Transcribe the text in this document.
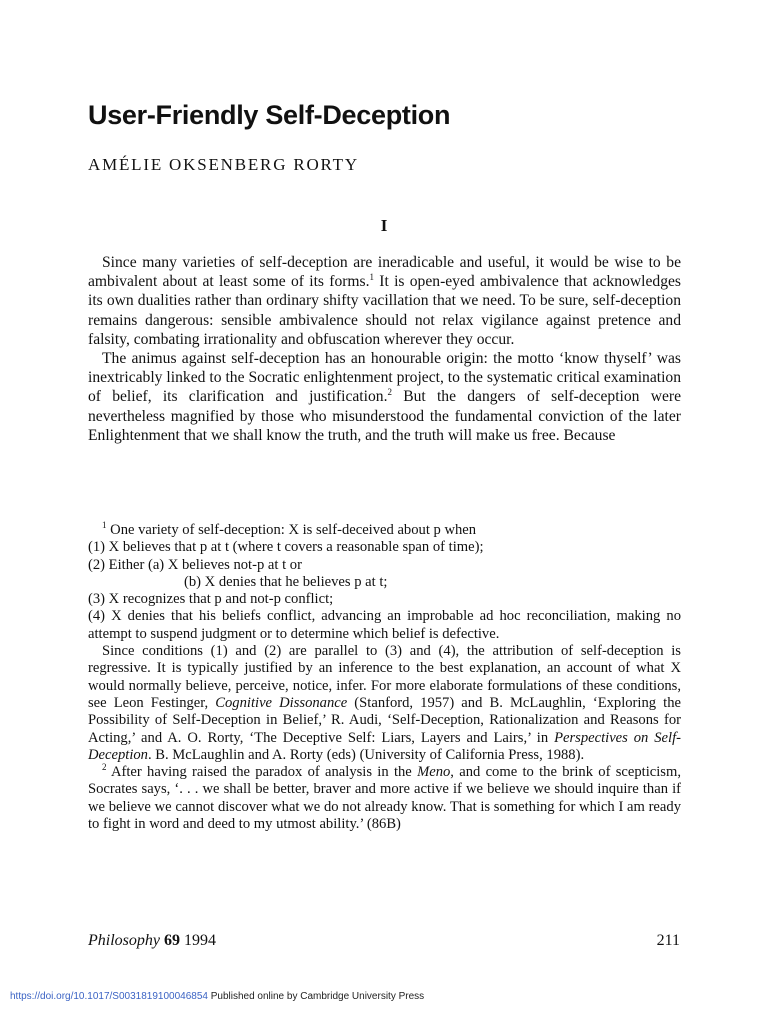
User-Friendly Self-Deception
AMÉLIE OKSENBERG RORTY
I

Since many varieties of self-deception are ineradicable and useful, it would be wise to be ambivalent about at least some of its forms.$^1$ It is open-eyed ambivalence that acknowledges its own dualities rather than ordinary shifty vacillation that we need. To be sure, self-deception remains dangerous: sensible ambivalence should not relax vigilance against pretence and falsity, combating irrationality and obfuscation wherever they occur.

The animus against self-deception has an honourable origin: the motto ‘know thyself’ was inextricably linked to the Socratic enlightenment project, to the systematic critical examination of belief, its clarification and justification.$^2$ But the dangers of self-deception were nevertheless magnified by those who misunderstood the fundamental conviction of the later Enlightenment that we shall know the truth, and the truth will make us free. Because

$^1$ One variety of self-deception: X is self-deceived about p when

(1) X believes that p at t (where t covers a reasonable span of time);

(2) Either (a) X believes not-p at t or

(b) X denies that he believes p at t;

(3) X recognizes that p and not-p conflict;

(4) X denies that his beliefs conflict, advancing an improbable ad hoc reconciliation, making no attempt to suspend judgment or to determine which belief is defective.

Since conditions (1) and (2) are parallel to (3) and (4), the attribution of self-deception is regressive. It is typically justified by an inference to the best explanation, an account of what X would normally believe, perceive, notice, infer. For more elaborate formulations of these conditions, see Leon Festinger, Cognitive Dissonance (Stanford, 1957) and B. McLaughlin, ‘Exploring the Possibility of Self-Deception in Belief,’ R. Audi, ‘Self-Deception, Rationalization and Reasons for Acting,’ and A. O. Rorty, ‘The Deceptive Self: Liars, Layers and Lairs,’ in Perspectives on Self-Deception. B. McLaughlin and A. Rorty (eds) (University of California Press, 1988).

$^2$ After having raised the paradox of analysis in the Meno, and come to the brink of scepticism, Socrates says, ‘. . . we shall be better, braver and more active if we believe we should inquire than if we believe we cannot discover what we do not already know. That is something for which I am ready to fight in word and deed to my utmost ability.’ (86B)

Philosophy 69 1994	211
https://doi.org/10.1017/S0031819100046854 Published online by Cambridge University Press
